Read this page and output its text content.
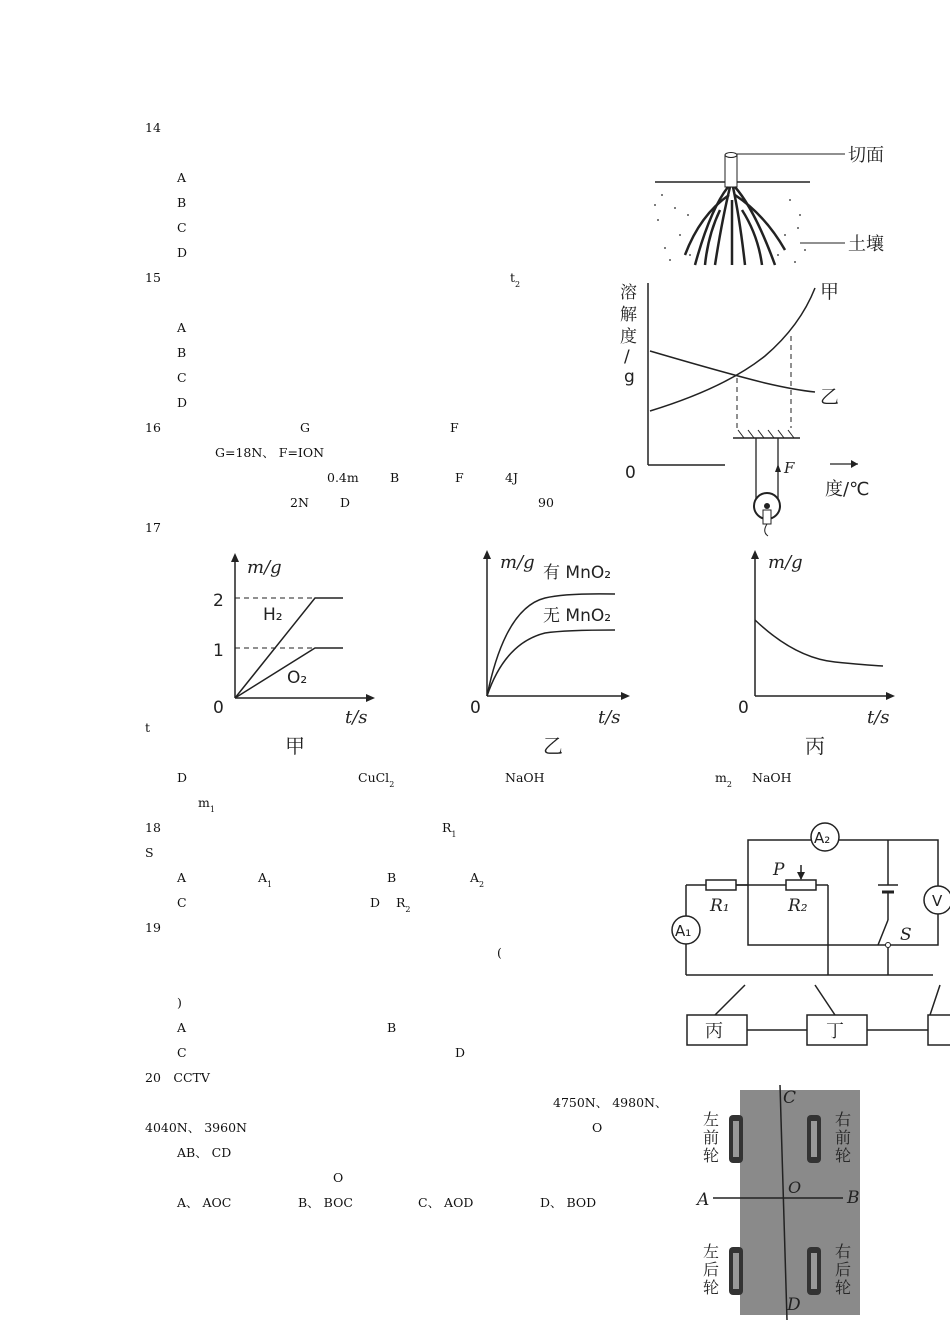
14　　　　　　　　　　　　　　　　　　　　　

A
B
C
D
15	$t_2$
A
B
C
D
16	G	F
G=18N、 F=ION
0.4m	B	F	4J
2N D	90
17
t
D	CuCl$_2$	NaOH	$m_2$ NaOH
$m_1$
18	$R_1$
S
A	$A_1$	B	$A_2$
C	D $R_2$
19
(
)
A	B
C	D
20　 CCTV
4750N、 4980N、
4040N、 3960N	O
AB、 CD
O
A、 AOC	B、 BOC	C、 AOD	D、 BOD
切面
土壤
溶
解
度
/
g
甲
乙
0
度/℃
F
m/g
2
1
0
H₂
O₂
t/s
甲
m/g 有 MnO₂
无 MnO₂
0	t/s
乙
m/g
0	t/s
丙
A₂
A₁
R₁	R₂
P
S
V
丙	丁
C
D
A	B
O
左
前
轮
右
前
轮
左
后
轮
右
后
轮
